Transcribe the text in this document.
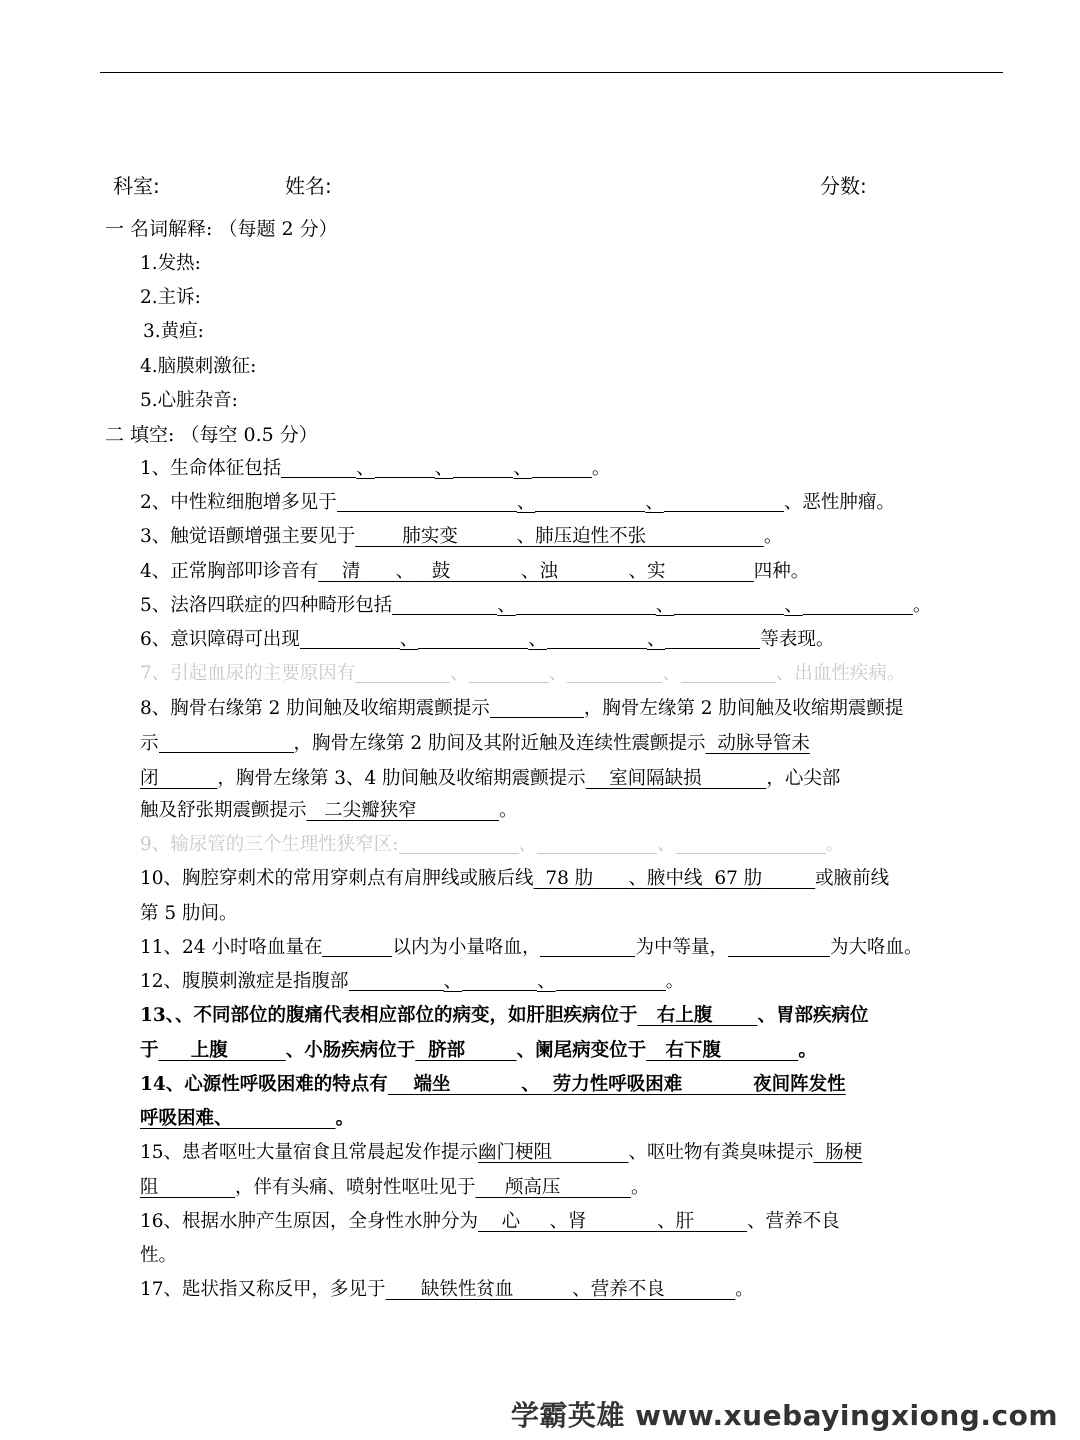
科室:	姓名:	分数:
一 名词解释: （每题 2 分）
1.发热:
2.主诉:
3.黄疸:
4.脑膜刺激征:
5.心脏杂音:
二 填空: （每空 0.5 分）
1、生命体征包括	、	、	、	。
2、中性粒细胞增多见于	、	、	、恶性肿瘤。
3、触觉语颤增强主要见于	肺实变	、肺压迫性不张	。
4、正常胸部叩诊音有 清 、 鼓	、浊	、实	四种。
5、法洛四联症的四种畸形包括	、	、	、	。
6、意识障碍可出现	、	、	、	等表现。
7、引起血尿的主要原因有	、	、	、	、出血性疾病。
8、胸骨右缘第 2 肋间触及收缩期震颤提示	，胸骨左缘第 2 肋间触及收缩期震颤提
示	，胸骨左缘第 2 肋间及其附近触及连续性震颤提示 动脉导管未
闭	，胸骨左缘第 3、4 肋间触及收缩期震颤提示 室间隔缺损	，心尖部
触及舒张期震颤提示 二尖瓣狭窄	。
9、输尿管的三个生理性狭窄区:	、	、	。
10、胸腔穿刺术的常用穿刺点有肩胛线或腋后线 78 肋 、腋中线 67 肋	或腋前线
第 5 肋间。
11、24 小时咯血量在	以内为小量咯血，	为中等量，	为大咯血。
12、腹膜刺激症是指腹部	、	、	。
13、、不同部位的腹痛代表相应部位的病变，如肝胆疾病位于 右上腹 、胃部疾病位
于 上腹	、小肠疾病位于 脐部	、阑尾病变位于 右下腹	。
14、心源性呼吸困难的特点有 端坐	、 劳力性呼吸困难	夜间阵发性
呼吸困难、	。
15、患者呕吐大量宿食且常晨起发作提示幽门梗阻	、呕吐物有粪臭味提示 肠梗
阻	，伴有头痛、喷射性呕吐见于 颅高压	。
16、根据水肿产生原因，全身性水肿分为 心 、肾	、肝	、营养不良
性。
17、匙状指又称反甲，多见于 缺铁性贫血	、营养不良	。
学霸英雄 www.xuebayingxiong.com
